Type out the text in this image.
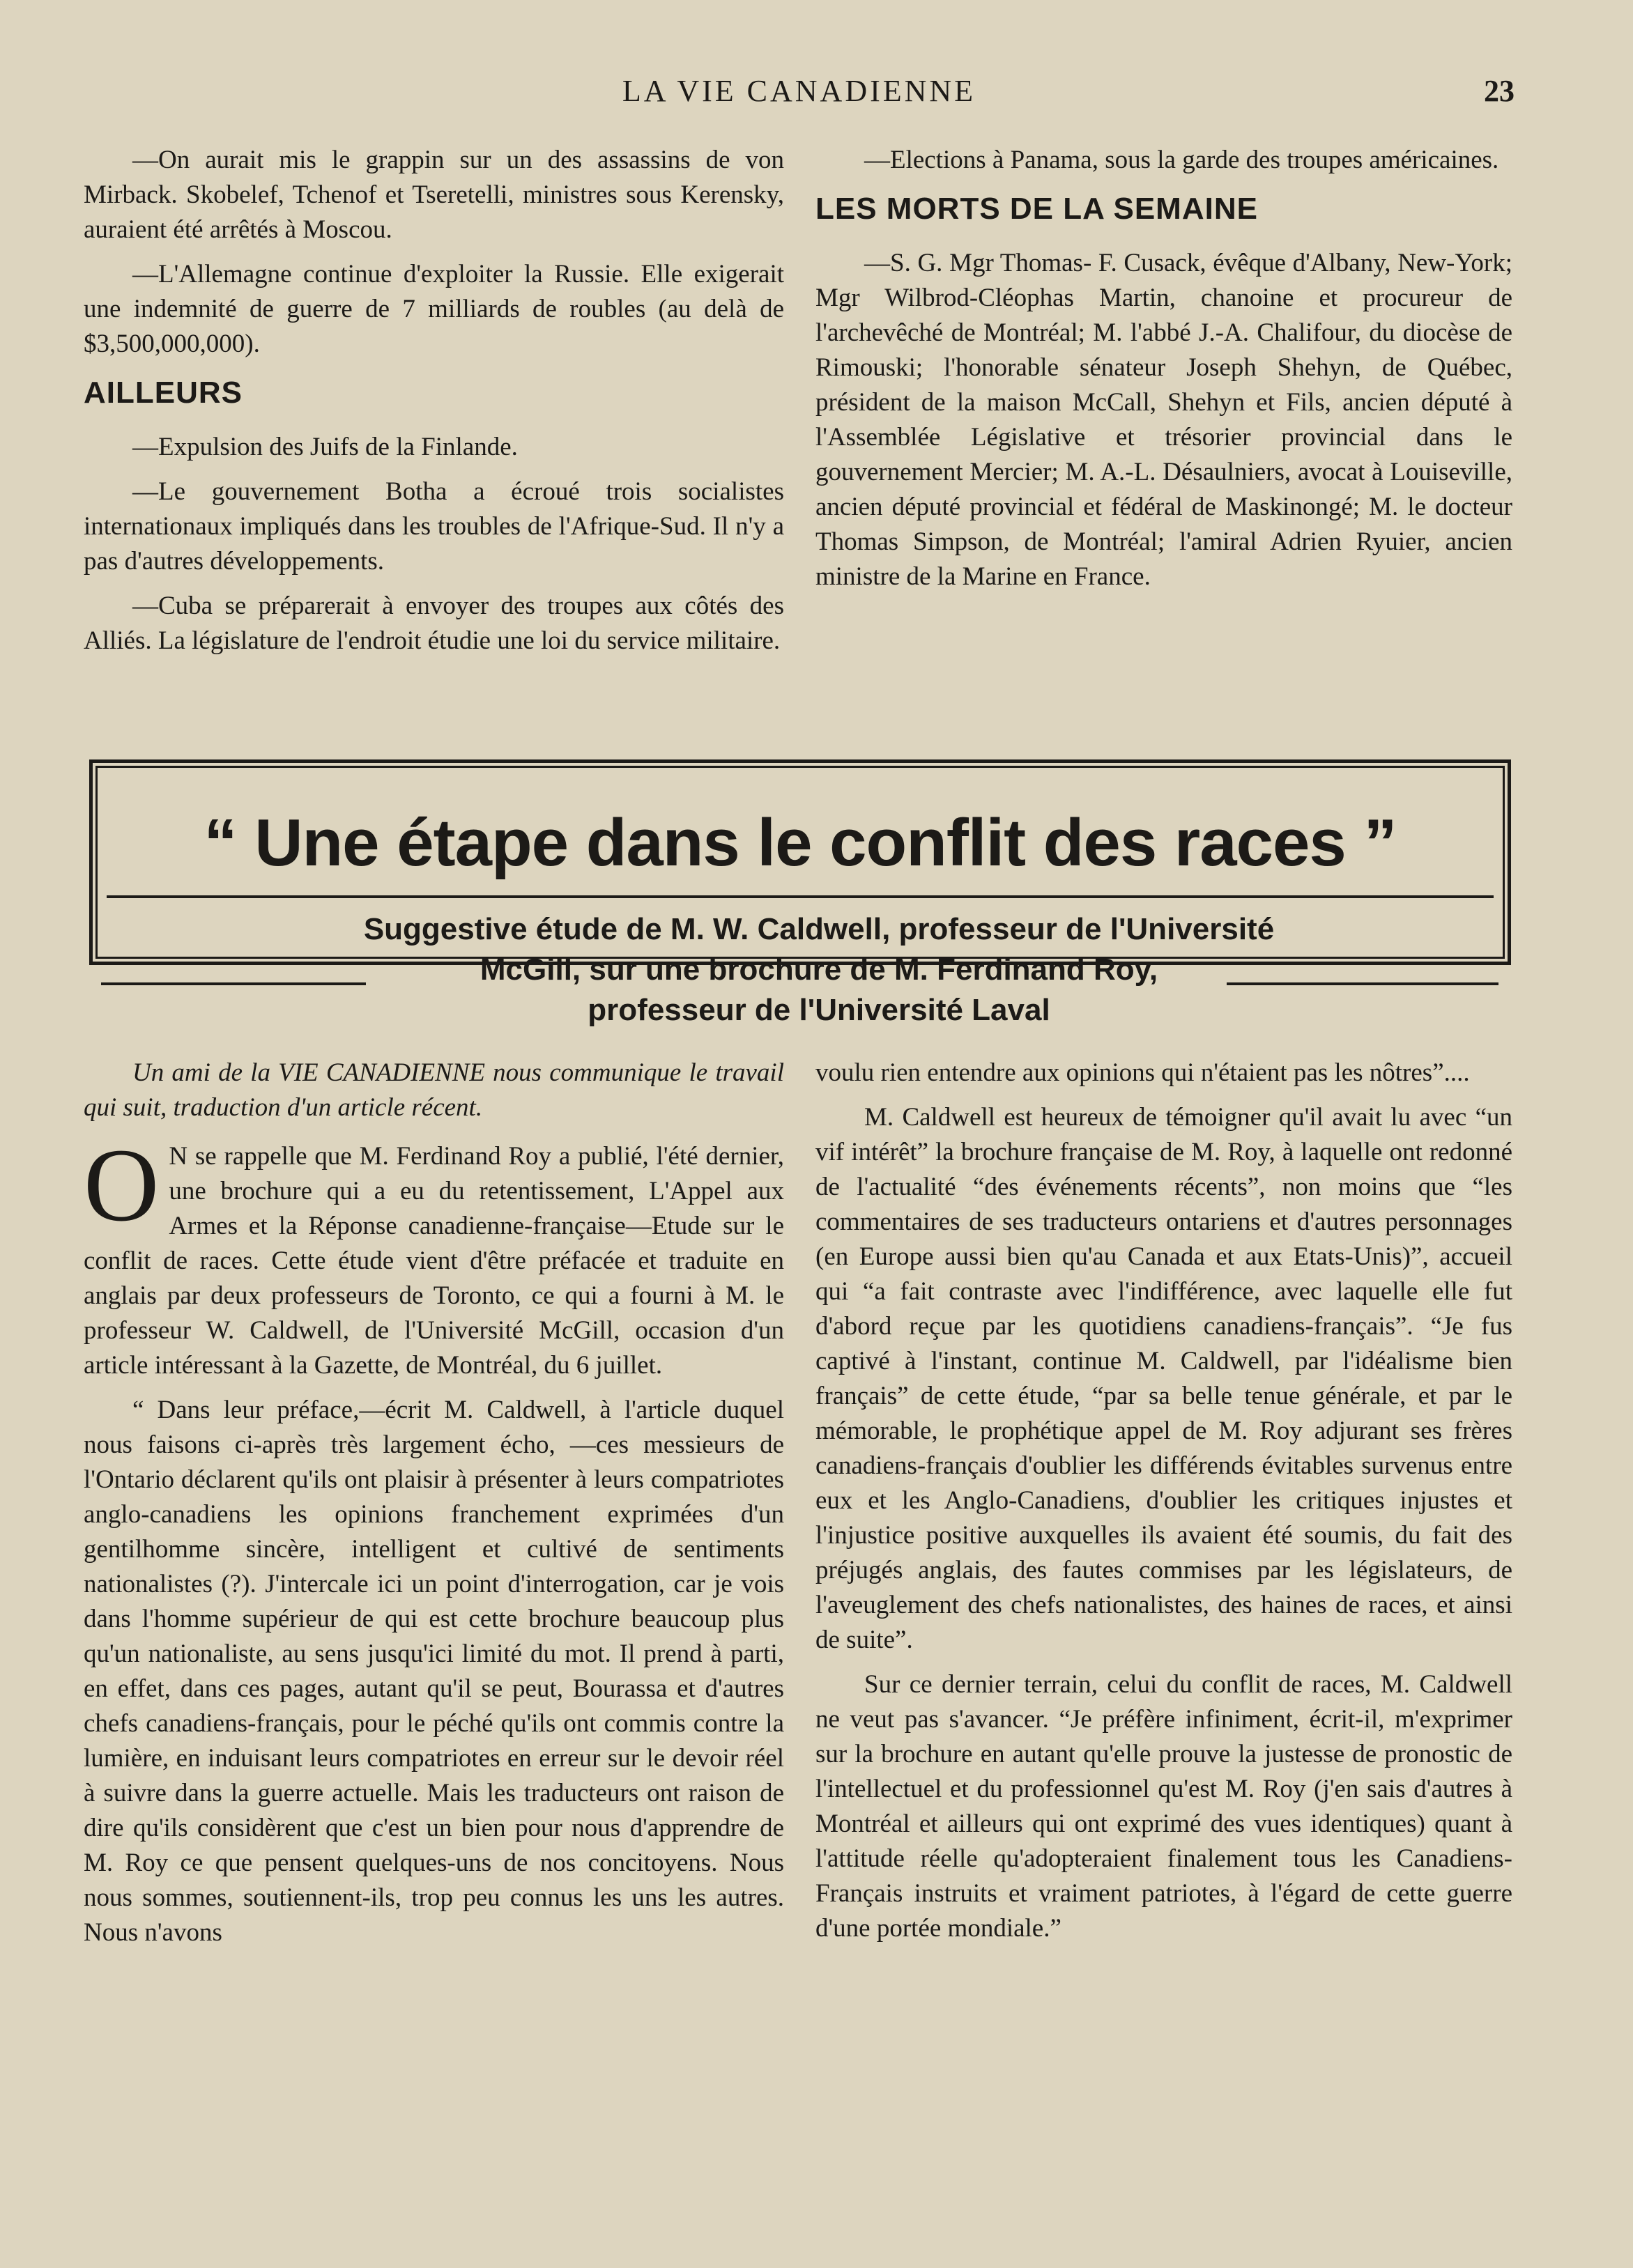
LA VIE CANADIENNE	23

—On aurait mis le grappin sur un des assassins de von Mirback. Skobelef, Tchenof et Tseretelli, ministres sous Kerensky, auraient été arrêtés à Moscou.

—L'Allemagne continue d'exploiter la Russie. Elle exigerait une indemnité de guerre de 7 milliards de roubles (au delà de $3,500,000,000).

AILLEURS

—Expulsion des Juifs de la Finlande.

—Le gouvernement Botha a écroué trois socialistes internationaux impliqués dans les troubles de l'Afrique-Sud. Il n'y a pas d'autres développements.

—Cuba se préparerait à envoyer des troupes aux côtés des Alliés. La législature de l'endroit étudie une loi du service militaire.

—Elections à Panama, sous la garde des troupes américaines.

LES MORTS DE LA SEMAINE

—S. G. Mgr Thomas- F. Cusack, évêque d'Albany, New-York; Mgr Wilbrod-Cléophas Martin, chanoine et procureur de l'archevêché de Montréal; M. l'abbé J.-A. Chalifour, du diocèse de Rimouski; l'honorable sénateur Joseph Shehyn, de Québec, président de la maison McCall, Shehyn et Fils, ancien député à l'Assemblée Législative et trésorier provincial dans le gouvernement Mercier; M. A.-L. Désaulniers, avocat à Louiseville, ancien député provincial et fédéral de Maskinongé; M. le docteur Thomas Simpson, de Montréal; l'amiral Adrien Ryuier, ancien ministre de la Marine en France.

“ Une étape dans le conflit des races ”
Suggestive étude de M. W. Caldwell, professeur de l'Université
McGill, sur une brochure de M. Ferdinand Roy,
professeur de l'Université Laval

Un ami de la VIE CANADIENNE nous communique le travail qui suit, traduction d'un article récent.

O N se rappelle que M. Ferdinand Roy a publié, l'été dernier, une brochure qui a eu du retentissement, L'Appel aux Armes et la Réponse canadienne-française—Etude sur le conflit de races. Cette étude vient d'être préfacée et traduite en anglais par deux professeurs de Toronto, ce qui a fourni à M. le professeur W. Caldwell, de l'Université McGill, occasion d'un article intéressant à la Gazette, de Montréal, du 6 juillet.

“ Dans leur préface,—écrit M. Caldwell, à l'article duquel nous faisons ci-après très largement écho, —ces messieurs de l'Ontario déclarent qu'ils ont plaisir à présenter à leurs compatriotes anglo-canadiens les opinions franchement exprimées d'un gentilhomme sincère, intelligent et cultivé de sentiments nationalistes (?). J'intercale ici un point d'interrogation, car je vois dans l'homme supérieur de qui est cette brochure beaucoup plus qu'un nationaliste, au sens jusqu'ici limité du mot. Il prend à parti, en effet, dans ces pages, autant qu'il se peut, Bourassa et d'autres chefs canadiens-français, pour le péché qu'ils ont commis contre la lumière, en induisant leurs compatriotes en erreur sur le devoir réel à suivre dans la guerre actuelle. Mais les traducteurs ont raison de dire qu'ils considèrent que c'est un bien pour nous d'apprendre de M. Roy ce que pensent quelques-uns de nos concitoyens. Nous nous sommes, soutiennent-ils, trop peu connus les uns les autres. Nous n'avons

voulu rien entendre aux opinions qui n'étaient pas les nôtres”....

M. Caldwell est heureux de témoigner qu'il avait lu avec “un vif intérêt” la brochure française de M. Roy, à laquelle ont redonné de l'actualité “des événements récents”, non moins que “les commentaires de ses traducteurs ontariens et d'autres personnages (en Europe aussi bien qu'au Canada et aux Etats-Unis)”, accueil qui “a fait contraste avec l'indifférence, avec laquelle elle fut d'abord reçue par les quotidiens canadiens-français”. “Je fus captivé à l'instant, continue M. Caldwell, par l'idéalisme bien français” de cette étude, “par sa belle tenue générale, et par le mémorable, le prophétique appel de M. Roy adjurant ses frères canadiens-français d'oublier les différends évitables survenus entre eux et les Anglo-Canadiens, d'oublier les critiques injustes et l'injustice positive auxquelles ils avaient été soumis, du fait des préjugés anglais, des fautes commises par les législateurs, de l'aveuglement des chefs nationalistes, des haines de races, et ainsi de suite”.

Sur ce dernier terrain, celui du conflit de races, M. Caldwell ne veut pas s'avancer. “Je préfère infiniment, écrit-il, m'exprimer sur la brochure en autant qu'elle prouve la justesse de pronostic de l'intellectuel et du professionnel qu'est M. Roy (j'en sais d'autres à Montréal et ailleurs qui ont exprimé des vues identiques) quant à l'attitude réelle qu'adopteraient finalement tous les Canadiens-Français instruits et vraiment patriotes, à l'égard de cette guerre d'une portée mondiale.”
